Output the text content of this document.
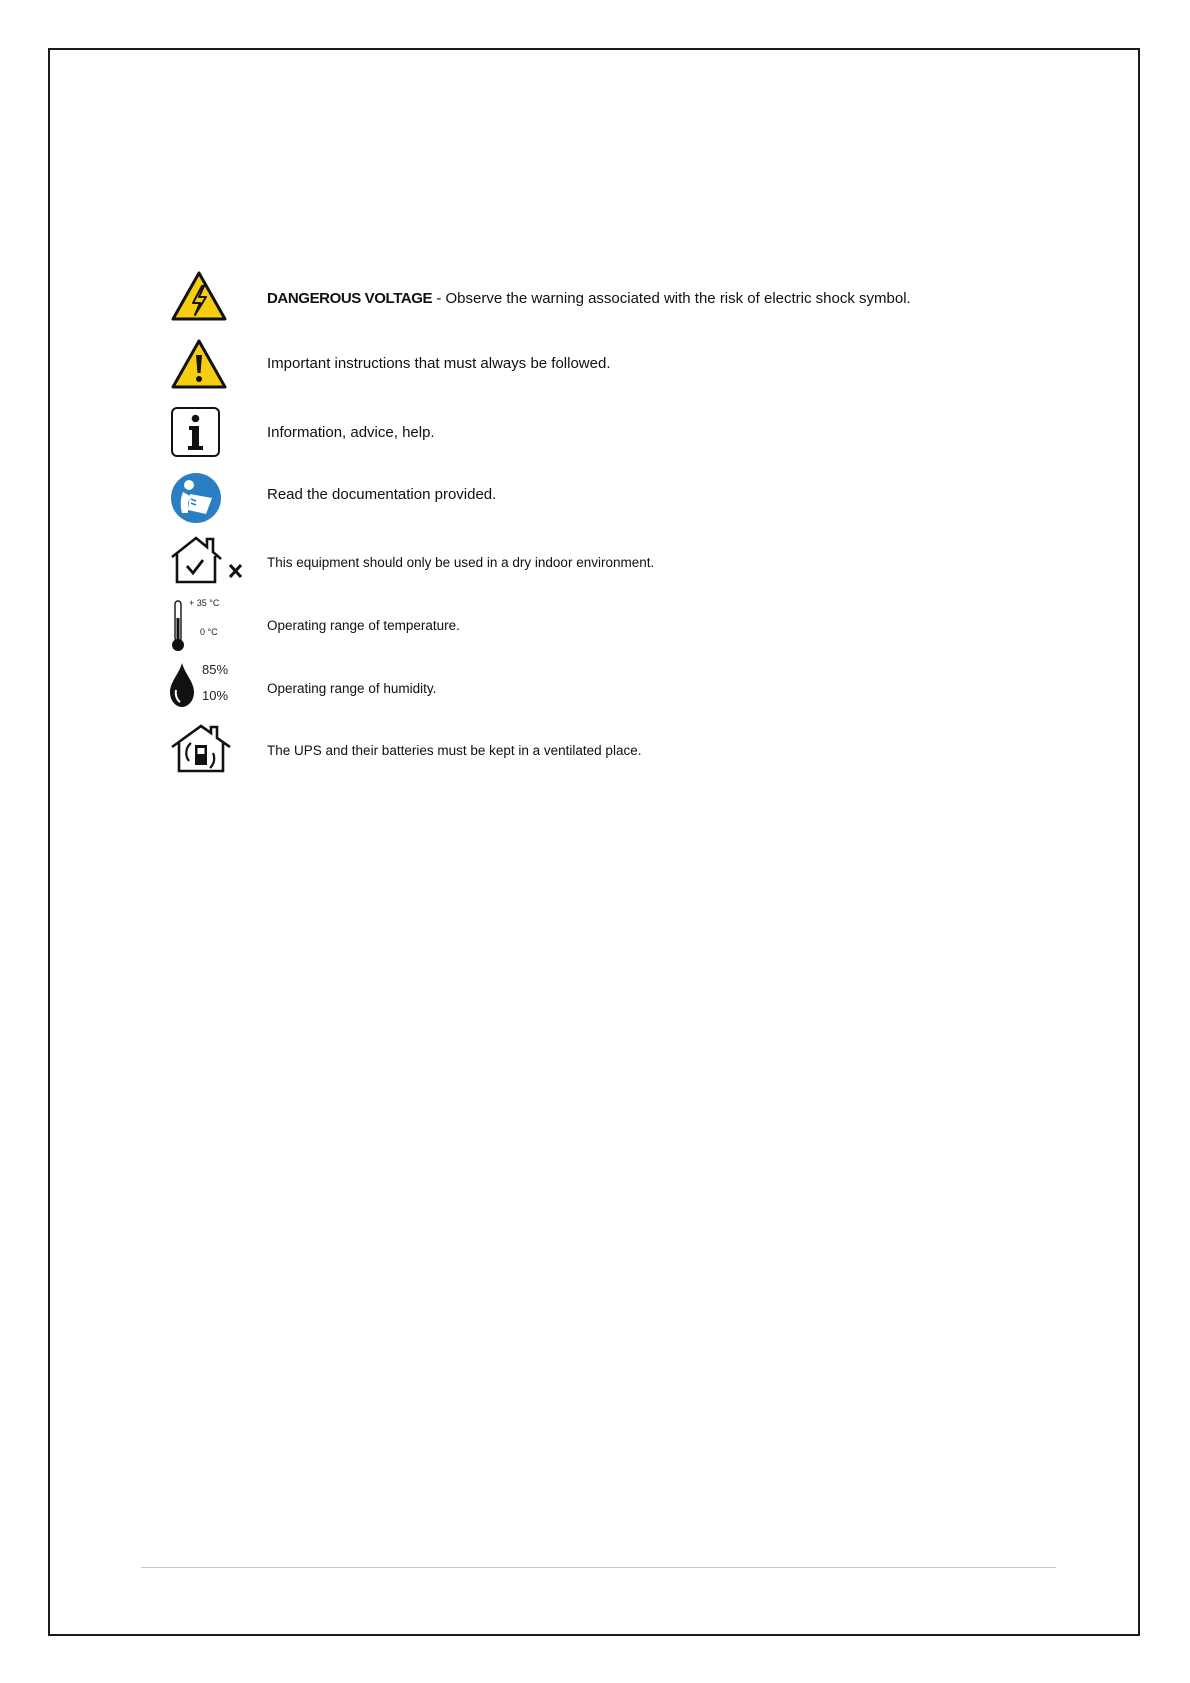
DANGEROUS VOLTAGE - Observe the warning associated with the risk of electric shock symbol.
Important instructions that must always be followed.
Information, advice, help.
Read the documentation provided.
This equipment should only be used in a dry indoor environment.
+ 35 °C
0 °C	Operating range of temperature.
85%
10%	Operating range of humidity.
The UPS and their batteries must be kept in a ventilated place.
